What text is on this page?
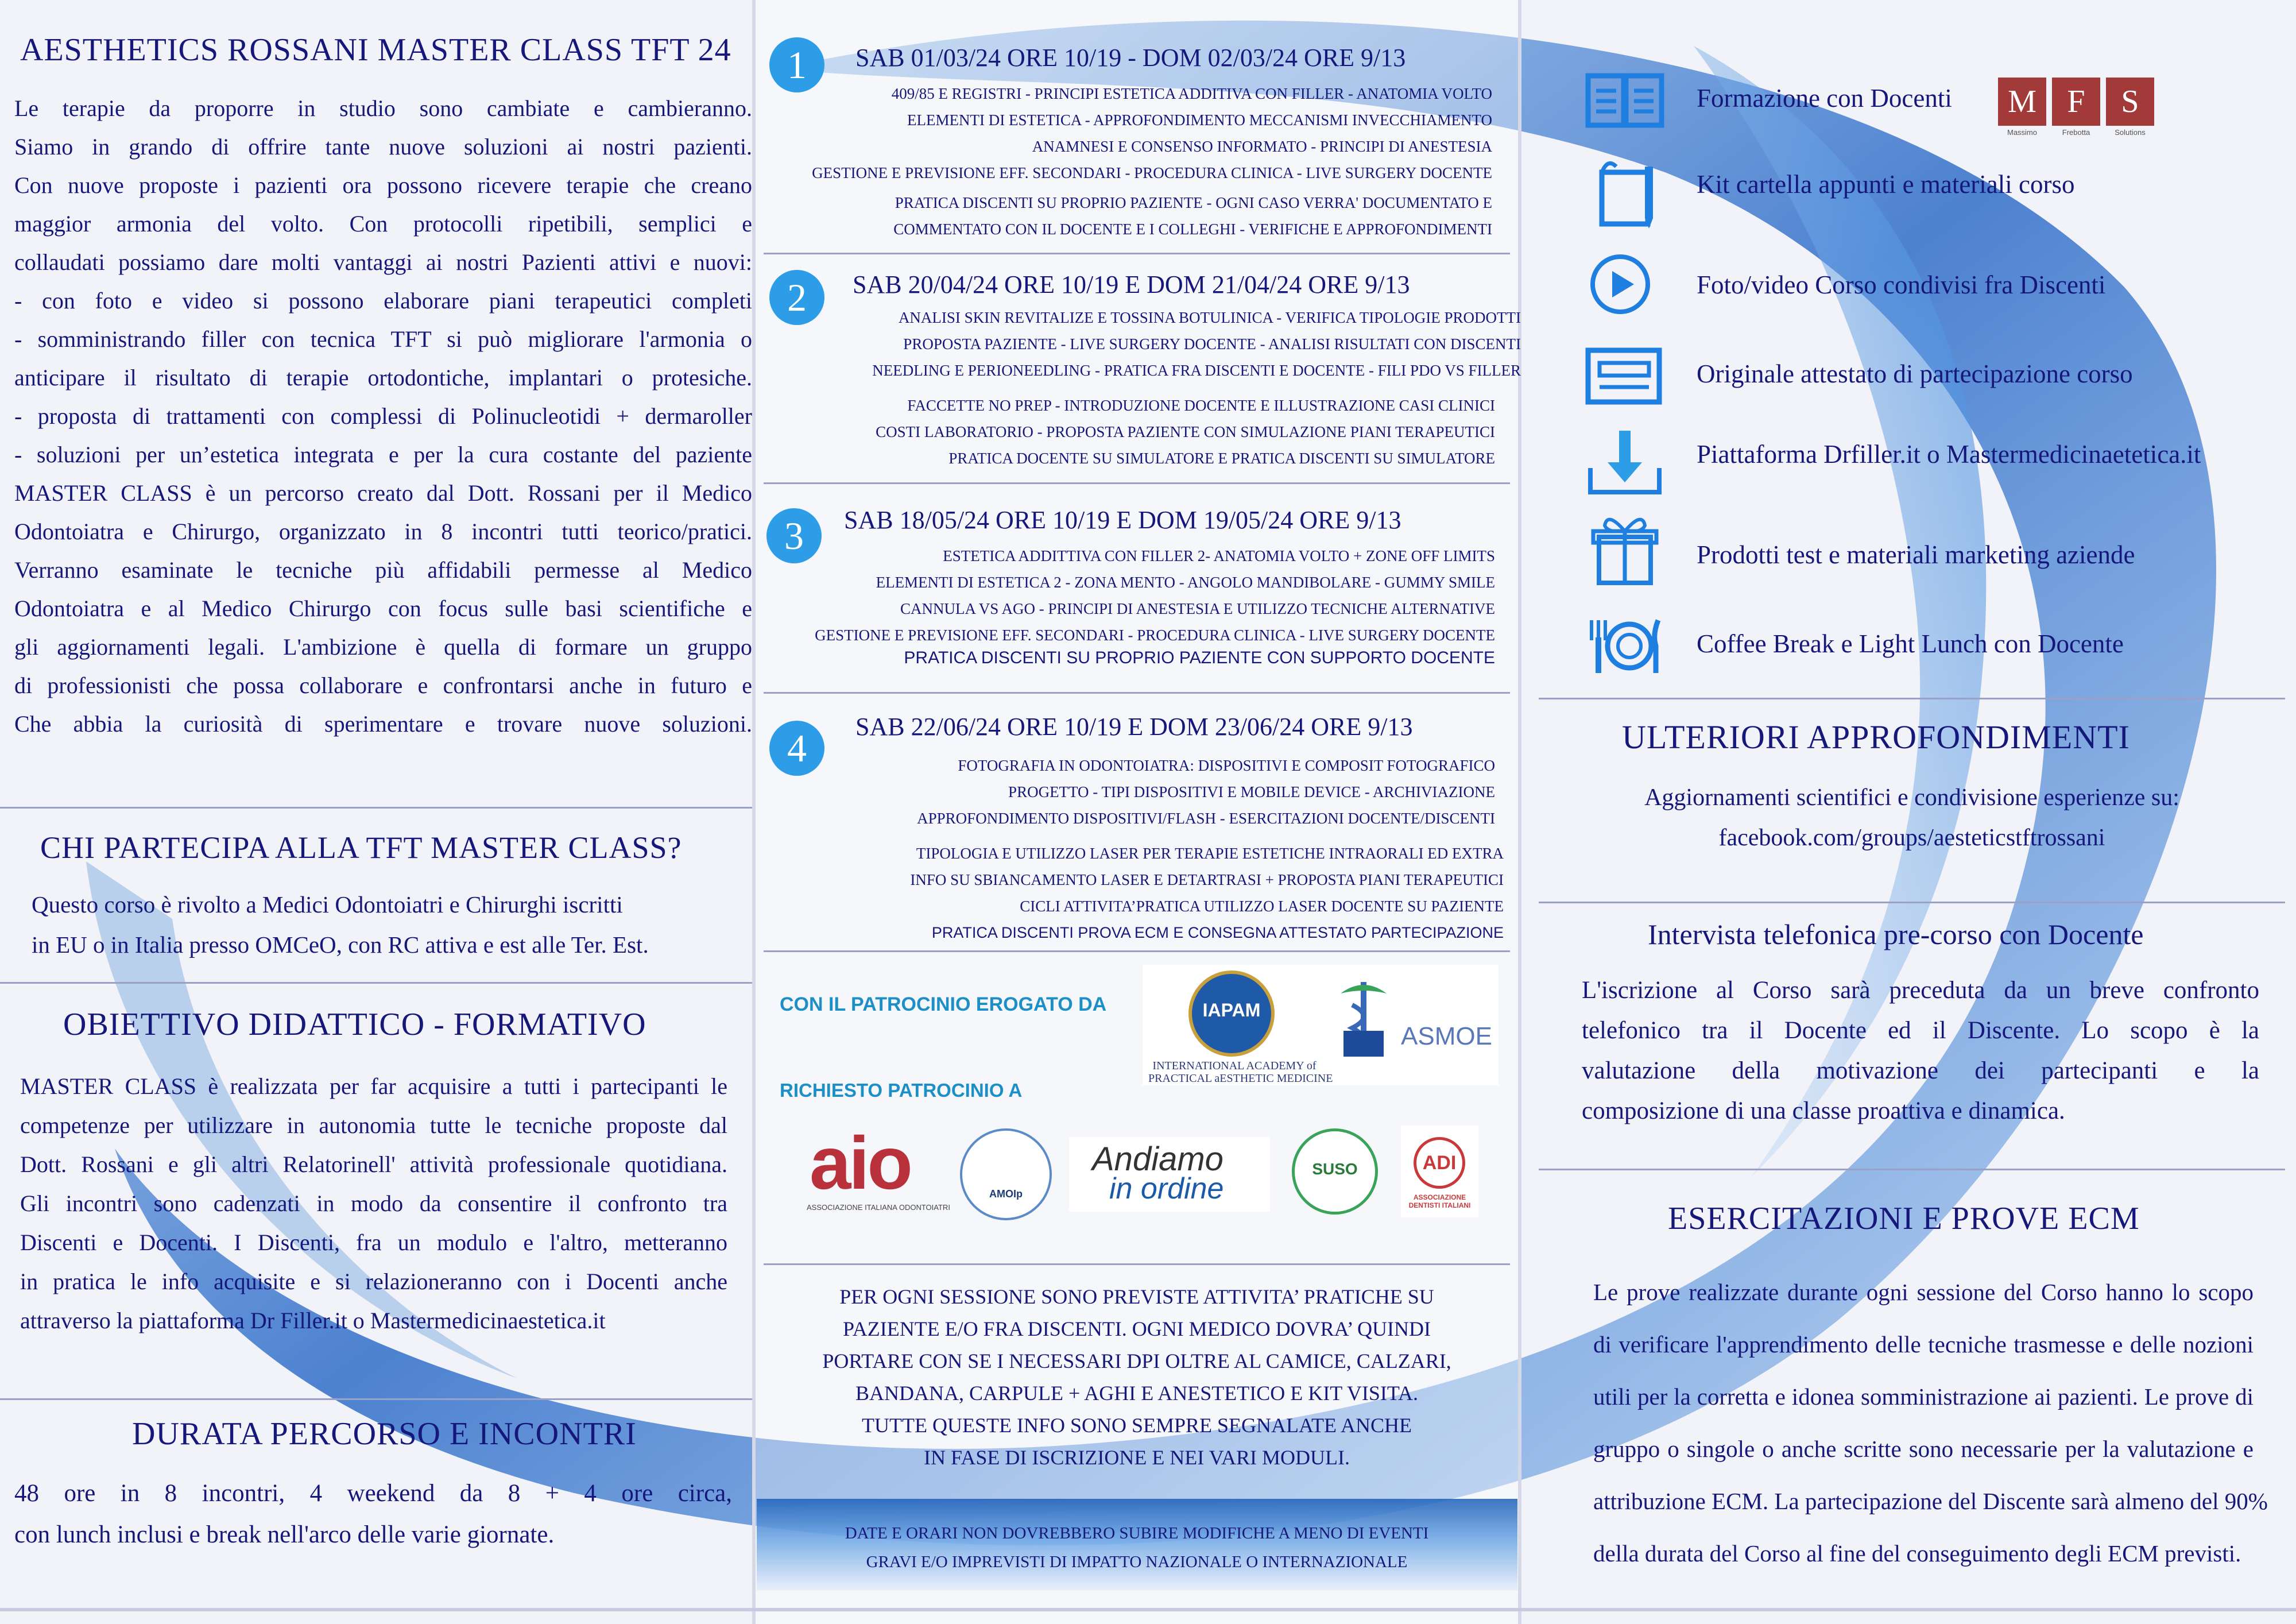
AESTHETICS ROSSANI MASTER CLASS TFT 24
Le terapie da proporre in studio sono cambiate e cambieranno.
Siamo in grando di offrire tante nuove soluzioni ai nostri pazienti.
Con nuove proposte i pazienti ora possono ricevere terapie che creano
maggior armonia del volto. Con protocolli ripetibili, semplici e
collaudati possiamo dare molti vantaggi ai nostri Pazienti attivi e nuovi:
- con foto e video si possono elaborare piani terapeutici completi
- somministrando filler con tecnica TFT si può migliorare l'armonia o
anticipare il risultato di terapie ortodontiche, implantari o protesiche.
- proposta di trattamenti con complessi di Polinucleotidi + dermaroller
- soluzioni per un’estetica integrata e per la cura costante del paziente
MASTER CLASS è un percorso creato dal Dott. Rossani per il Medico
Odontoiatra e Chirurgo, organizzato in 8 incontri tutti teorico/pratici.
Verranno esaminate le tecniche più affidabili permesse al Medico
Odontoiatra e al Medico Chirurgo con focus sulle basi scientifiche e
gli aggiornamenti legali. L'ambizione è quella di formare un gruppo
di professionisti che possa collaborare e confrontarsi anche in futuro e
Che abbia la curiosità di sperimentare e trovare nuove soluzioni.
CHI PARTECIPA ALLA TFT MASTER CLASS?
Questo corso è rivolto a Medici Odontoiatri e Chirurghi iscritti
in EU o in Italia presso OMCeO, con RC attiva e est alle Ter. Est.
OBIETTIVO DIDATTICO - FORMATIVO
MASTER CLASS è realizzata per far acquisire a tutti i partecipanti le
competenze per utilizzare in autonomia tutte le tecniche proposte dal
Dott. Rossani e gli altri Relatorinell' attività professionale quotidiana.
Gli incontri sono cadenzati in modo da consentire il confronto tra
Discenti e Docenti. I Discenti, fra un modulo e l'altro, metteranno
in pratica le info acquisite e si relazioneranno con i Docenti anche
attraverso la piattaforma Dr Filler.it o Mastermedicinaestetica.it
DURATA PERCORSO E INCONTRI
48 ore in 8 incontri, 4 weekend da 8 + 4 ore circa,
con lunch inclusi e break nell'arco delle varie giornate.
1	SAB 01/03/24 ORE 10/19 - DOM 02/03/24 ORE 9/13
409/85 E REGISTRI - PRINCIPI ESTETICA ADDITIVA CON FILLER - ANATOMIA VOLTO
ELEMENTI DI ESTETICA - APPROFONDIMENTO MECCANISMI INVECCHIAMENTO
ANAMNESI E CONSENSO INFORMATO - PRINCIPI DI ANESTESIA
GESTIONE E PREVISIONE EFF. SECONDARI - PROCEDURA CLINICA - LIVE SURGERY DOCENTE
PRATICA DISCENTI SU PROPRIO PAZIENTE - OGNI CASO VERRA' DOCUMENTATO E
COMMENTATO CON IL DOCENTE E I COLLEGHI - VERIFICHE E APPROFONDIMENTI
2	SAB 20/04/24 ORE 10/19 E DOM 21/04/24 ORE 9/13
ANALISI SKIN REVITALIZE E TOSSINA BOTULINICA - VERIFICA TIPOLOGIE PRODOTTI
PROPOSTA PAZIENTE - LIVE SURGERY DOCENTE - ANALISI RISULTATI CON DISCENTI
NEEDLING E PERIONEEDLING - PRATICA FRA DISCENTI E DOCENTE - FILI PDO VS FILLER
FACCETTE NO PREP - INTRODUZIONE DOCENTE E ILLUSTRAZIONE CASI CLINICI
COSTI LABORATORIO - PROPOSTA PAZIENTE CON SIMULAZIONE PIANI TERAPEUTICI
PRATICA DOCENTE SU SIMULATORE E PRATICA DISCENTI SU SIMULATORE
3	SAB 18/05/24 ORE 10/19 E DOM 19/05/24 ORE 9/13
ESTETICA ADDITTIVA CON FILLER 2- ANATOMIA VOLTO + ZONE OFF LIMITS
ELEMENTI DI ESTETICA 2 - ZONA MENTO - ANGOLO MANDIBOLARE - GUMMY SMILE
CANNULA VS AGO - PRINCIPI DI ANESTESIA E UTILIZZO TECNICHE ALTERNATIVE
GESTIONE E PREVISIONE EFF. SECONDARI - PROCEDURA CLINICA - LIVE SURGERY DOCENTE
PRATICA DISCENTI SU PROPRIO PAZIENTE CON SUPPORTO DOCENTE
4	SAB 22/06/24 ORE 10/19 E DOM 23/06/24 ORE 9/13
FOTOGRAFIA IN ODONTOIATRA: DISPOSITIVI E COMPOSIT FOTOGRAFICO
PROGETTO - TIPI DISPOSITIVI E MOBILE DEVICE - ARCHIVIAZIONE
APPROFONDIMENTO DISPOSITIVI/FLASH - ESERCITAZIONI DOCENTE/DISCENTI
TIPOLOGIA E UTILIZZO LASER PER TERAPIE ESTETICHE INTRAORALI ED EXTRA
INFO SU SBIANCAMENTO LASER E DETARTRASI + PROPOSTA PIANI TERAPEUTICI
CICLI ATTIVITA’PRATICA UTILIZZO LASER DOCENTE SU PAZIENTE
PRATICA DISCENTI PROVA ECM E CONSEGNA ATTESTATO PARTECIPAZIONE
CON IL PATROCINIO EROGATO DA
RICHIESTO PATROCINIO A
IAPAM
INTERNATIONAL ACADEMY of
PRACTICAL aESTHETIC MEDICINE
ASMOE
aio
ASSOCIAZIONE ITALIANA ODONTOIATRI
AMOIp
Andiamo
in ordine
SUSO	ADI
ASSOCIAZIONE DENTISTI ITALIANI
PER OGNI SESSIONE SONO PREVISTE ATTIVITA’ PRATICHE SU
PAZIENTE E/O FRA DISCENTI. OGNI MEDICO DOVRA’ QUINDI
PORTARE CON SE I NECESSARI DPI OLTRE AL CAMICE, CALZARI,
BANDANA, CARPULE + AGHI E ANESTETICO E KIT VISITA.
TUTTE QUESTE INFO SONO SEMPRE SEGNALATE ANCHE
IN FASE DI ISCRIZIONE E NEI VARI MODULI.
DATE E ORARI NON DOVREBBERO SUBIRE MODIFICHE A MENO DI EVENTI
GRAVI E/O IMPREVISTI DI IMPATTO NAZIONALE O INTERNAZIONALE
Formazione con Docenti
Kit cartella appunti e materiali corso
Foto/video Corso condivisi fra Discenti
Originale attestato di partecipazione corso
Piattaforma Drfiller.it o Mastermedicinaetetica.it
Prodotti test e materiali marketing aziende
Coffee Break e Light Lunch con Docente
M F	S
Massimo	Frebotta	Solutions
ULTERIORI APPROFONDIMENTI
Aggiornamenti scientifici e condivisione esperienze su:
facebook.com/groups/aesteticstftrossani
Intervista telefonica pre-corso con Docente
L'iscrizione al Corso sarà preceduta da un breve confronto
telefonico tra il Docente ed il Discente. Lo scopo è la
valutazione della motivazione dei partecipanti e la
composizione di una classe proattiva e dinamica.
ESERCITAZIONI E PROVE ECM
Le prove realizzate durante ogni sessione del Corso hanno lo scopo
di verificare l'apprendimento delle tecniche trasmesse e delle nozioni
utili per la corretta e idonea somministrazione ai pazienti. Le prove di
gruppo o singole o anche scritte sono necessarie per la valutazione e
attribuzione ECM. La partecipazione del Discente sarà almeno del 90%
della durata del Corso al fine del conseguimento degli ECM previsti.
